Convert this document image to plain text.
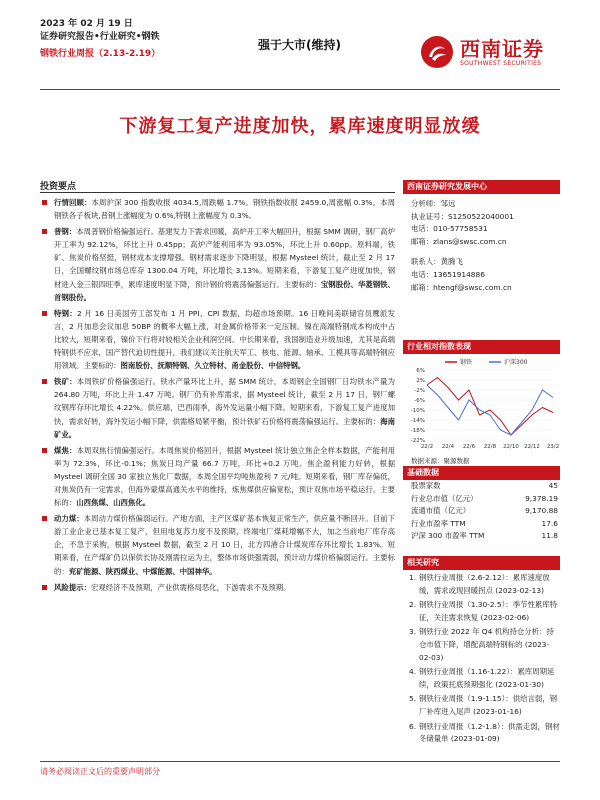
2023 年 02 月 19 日
证券研究报告•行业研究•钢铁
钢铁行业周报（2.13-2.19）
强于大市(维持)	西南证券
SOUTHWEST SECURITIES
下游复工复产进度加快，累库速度明显放缓
投资要点
行情回顾：本周沪深 300 指数收报 4034.5,周跌幅 1.7%。钢铁指数收报 2459.0,周涨幅 0.3%。本周钢铁各子板块,普钢上涨幅度为 0.6%,特钢上涨幅度为 0.3%。
普钢：本周普钢价格偏强运行。基建发力下需求回暖，高炉开工率大幅回升，根据 SMM 调研，钢厂高炉开工率为 92.12%，环比上升 0.45pp；高炉产能利用率为 93.05%，环比上升 0.60pp。原料端，铁矿、焦炭价格坚挺，钢材成本支撑增强。钢材需求逐步下降明显，根据 Mysteel 统计，截止至 2 月 17 日，全国螺纹钢市场总库存 1300.04 万吨，环比增长 3.13%。短期来看，下游复工复产进度加快，钢材进入金三银四旺季，累库速度明显下降，预计钢价将震荡偏强运行。主要标的：宝钢股份、华菱钢铁、首钢股份。
特钢：2 月 16 日美国劳工部发布 1 月 PPI、CPI 数据，均超市场预期。16 日晚间美联储官员鹰派发言，2 月加息会议加息 50BP 的概率大幅上涨，对金属价格带来一定压制。镍在高端特钢成本构成中占比较大，短期来看，镍价下行将对较相关企业利润空间。中长期来看，我国制造业升级加速，尤其是高端特钢供不应求，国产替代迫切性提升，我们建议关注航天军工、核电、能源、轴承、工模具等高端特钢应用领域。主要标的：图南股份、抚顺特钢、久立特材、甬金股份、中信特钢。
铁矿：本周铁矿价格偏强运行。铁水产量环比上升，据 SMM 统计，本周钢企全国钢厂日均铁水产量为 264.80 万吨，环比上升 1.47 万吨。钢厂仍有补库需求，据 Mysteel 统计，截至 2 月 17 日，钢厂螺纹钢库存环比增长 4.22%。供应端，巴西雨季，海外发运量小幅下降。短期来看，下游复工复产进度加快，需求好转，海外发运小幅下降，供需格局紧平衡，预计铁矿石价格将震荡偏强运行。主要标的：海南矿业。
煤焦：本周双焦行情偏强运行。本周焦炭价格回升，根据 Mysteel 统计独立焦企全样本数据，产能利用率为 72.3%，环比-0.1%；焦炭日均产量 66.7 万吨，环比+0.2 万吨。焦企盈利能力好转，根据 Mysteel 调研全国 30 家独立焦化厂数据，本周全国平均吨焦盈利 7 元/吨。短期来看，钢厂库存偏低，对焦炭仍有一定需求，但海外蒙煤高通关水平的维持，炼焦煤供应偏宽松，预计双焦市场平稳运行。主要标的：山西焦煤、山西焦化。
动力煤：本周动力煤价格偏弱运行。产地方面，主产区煤矿基本恢复正常生产，供应量不断回升。目前下游工业企业已基本复工复产，但用电复苏力度不及预期，终端电厂煤耗增幅不大，加之当前电厂库存高企，不急于采购，根据 Mysteel 数据，截至 2 月 10 日，北方四港合计煤炭库存环比增长 1.83%。短期来看，在产煤矿仍以保供长协及刚需拉运为主，整体市场供强需弱，预计动力煤价格偏弱运行。主要标的：兖矿能源、陕西煤业、中煤能源、中国神华。
风险提示：宏观经济不及预期，产业供需格局恶化，下游需求不及预期。
西南证券研究发展中心
分析师：邹远
执业证号：S1250522040001
电话：010-57758531
邮箱：zlans@swsc.com.cn
联系人：黄腾飞
电话：13651914886
邮箱：htengf@swsc.com.cn
行业相对指数表现
6%
2%
-2%
-6%
-10%
-14%
-18%
-22%
22/2 22/4 22/6 22/8 22/10 22/12 23/2
钢铁	沪深300
数据来源：聚源数据
基础数据
股票家数	45
行业总市值（亿元）	9,378.19
流通市值（亿元）	9,170.88
行业市盈率 TTM	17.6
沪深 300 市盈率 TTM	11.8
相关研究
1. 钢铁行业周报（2.6-2.12）：累库速度放缓，需求或现回暖拐点 (2023-02-13)
2. 钢铁行业周报（1.30-2.5）：季节性累库特征，关注需求恢复 (2023-02-06)
3. 钢铁行业 2022 年 Q4 机构持仓分析：持仓市值下降，增配高端特钢标的 (2023-02-03)
4. 钢铁行业周报（1.16-1.22）：累库周期延续，政策托底预期强化 (2023-01-30)
5. 钢铁行业周报（1.9-1.15）：供给言弱，钢厂补库进入尾声 (2023-01-16)
6. 钢铁行业周报（1.2-1.8）：供需走弱，钢材冬储量单 (2023-01-09)
请务必阅读正文后的重要声明部分
